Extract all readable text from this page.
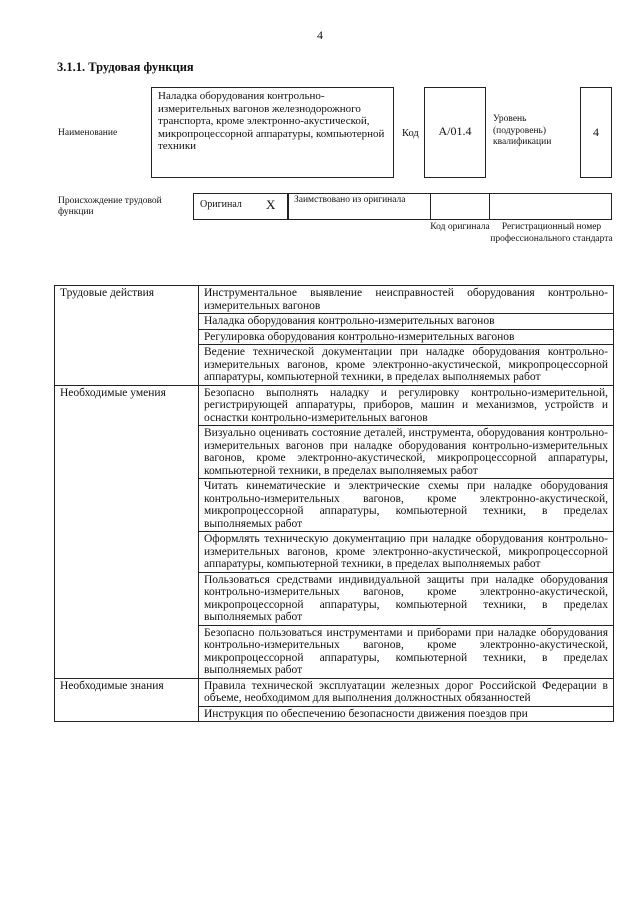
4
3.1.1. Трудовая функция
Наименование
Наладка оборудования контрольно-измерительных вагонов железнодорожного транспорта, кроме электронно-акустической, микропроцессорной аппаратуры, компьютерной техники
Код	A/01.4
Уровень (подуровень) квалификации
4
Происхождение трудовой функции
Оригинал X	Заимствовано из оригинала
Код оригинала	Регистрационный номер профессионального стандарта
Трудовые действия	Инструментальное выявление неисправностей оборудования контрольно-измерительных вагонов
	Наладка оборудования контрольно-измерительных вагонов
	Регулировка оборудования контрольно-измерительных вагонов
	Ведение технической документации при наладке оборудования контрольно-измерительных вагонов, кроме электронно-акустической, микропроцессорной аппаратуры, компьютерной техники, в пределах выполняемых работ
Необходимые умения	Безопасно выполнять наладку и регулировку контрольно-измерительной, регистрирующей аппаратуры, приборов, машин и механизмов, устройств и оснастки контрольно-измерительных вагонов
	Визуально оценивать состояние деталей, инструмента, оборудования контрольно-измерительных вагонов при наладке оборудования контрольно-измерительных вагонов, кроме электронно-акустической, микропроцессорной аппаратуры, компьютерной техники, в пределах выполняемых работ
	Читать кинематические и электрические схемы при наладке оборудования контрольно-измерительных вагонов, кроме электронно-акустической, микропроцессорной аппаратуры, компьютерной техники, в пределах выполняемых работ
	Оформлять техническую документацию при наладке оборудования контрольно-измерительных вагонов, кроме электронно-акустической, микропроцессорной аппаратуры, компьютерной техники, в пределах выполняемых работ
	Пользоваться средствами индивидуальной защиты при наладке оборудования контрольно-измерительных вагонов, кроме электронно-акустической, микропроцессорной аппаратуры, компьютерной техники, в пределах выполняемых работ
	Безопасно пользоваться инструментами и приборами при наладке оборудования контрольно-измерительных вагонов, кроме электронно-акустической, микропроцессорной аппаратуры, компьютерной техники, в пределах выполняемых работ
Необходимые знания	Правила технической эксплуатации железных дорог Российской Федерации в объеме, необходимом для выполнения должностных обязанностей
	Инструкция по обеспечению безопасности движения поездов при
